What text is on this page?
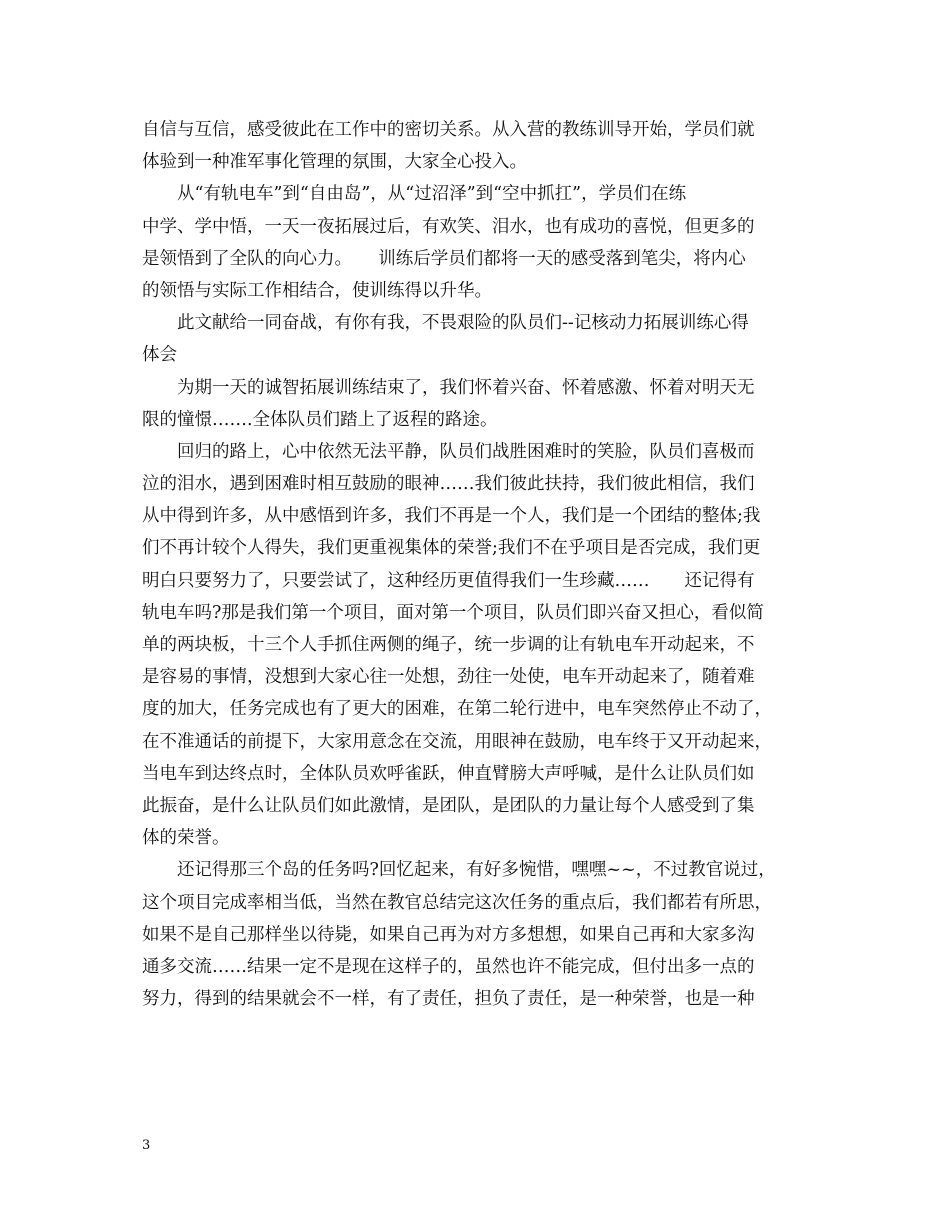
自信与互信，感受彼此在工作中的密切关系。从入营的教练训导开始，学员们就
体验到一种准军事化管理的氛围，大家全心投入。
　　从“有轨电车”到“自由岛”，从“过沼泽”到“空中抓扛”，学员们在练
中学、学中悟，一天一夜拓展过后，有欢笑、泪水，也有成功的喜悦，但更多的
是领悟到了全队的向心力。　　训练后学员们都将一天的感受落到笔尖，将内心
的领悟与实际工作相结合，使训练得以升华。
　　此文献给一同奋战，有你有我，不畏艰险的队员们--记核动力拓展训练心得
体会
　　为期一天的诚智拓展训练结束了，我们怀着兴奋、怀着感激、怀着对明天无
限的憧憬…….全体队员们踏上了返程的路途。
　　回归的路上，心中依然无法平静，队员们战胜困难时的笑脸，队员们喜极而
泣的泪水，遇到困难时相互鼓励的眼神……我们彼此扶持，我们彼此相信，我们
从中得到许多，从中感悟到许多，我们不再是一个人，我们是一个团结的整体;我
们不再计较个人得失，我们更重视集体的荣誉;我们不在乎项目是否完成，我们更
明白只要努力了，只要尝试了，这种经历更值得我们一生珍藏……　　还记得有
轨电车吗?那是我们第一个项目，面对第一个项目，队员们即兴奋又担心，看似简
单的两块板，十三个人手抓住两侧的绳子，统一步调的让有轨电车开动起来，不
是容易的事情，没想到大家心往一处想，劲往一处使，电车开动起来了，随着难
度的加大，任务完成也有了更大的困难，在第二轮行进中，电车突然停止不动了，
在不准通话的前提下，大家用意念在交流，用眼神在鼓励，电车终于又开动起来，
当电车到达终点时，全体队员欢呼雀跃，伸直臂膀大声呼喊，是什么让队员们如
此振奋，是什么让队员们如此激情，是团队，是团队的力量让每个人感受到了集
体的荣誉。
　　还记得那三个岛的任务吗?回忆起来，有好多惋惜，嘿嘿~~，不过教官说过，
这个项目完成率相当低，当然在教官总结完这次任务的重点后，我们都若有所思，
如果不是自己那样坐以待毙，如果自己再为对方多想想，如果自己再和大家多沟
通多交流……结果一定不是现在这样子的，虽然也许不能完成，但付出多一点的
努力，得到的结果就会不一样，有了责任，担负了责任，是一种荣誉，也是一种
3
